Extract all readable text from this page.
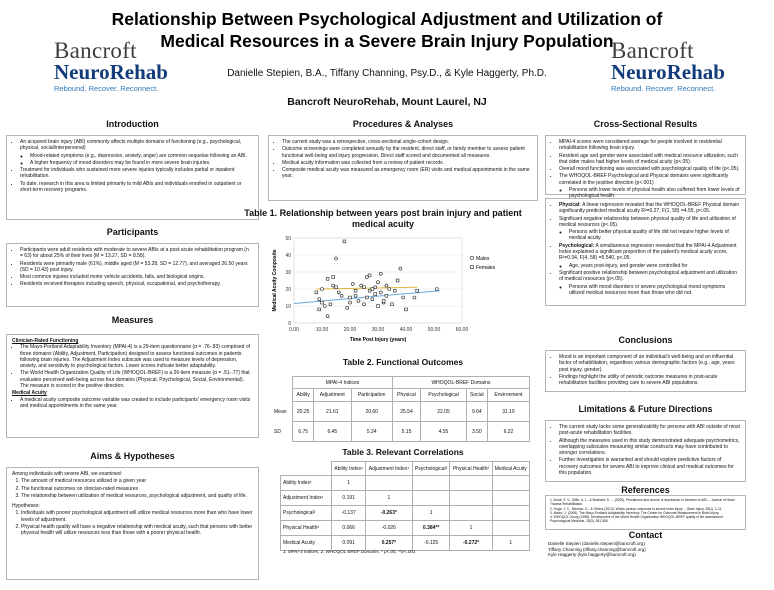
Relationship Between Psychological Adjustment and Utilization of Medical Resources in a Severe Brain Injury Population
Bancroft
NeuroRehab
Rebound. Recover. Reconnect.
Bancroft
NeuroRehab
Rebound. Recover. Reconnect.
Danielle Stepien, B.A., Tiffany Channing, Psy.D., & Kyle Haggerty, Ph.D.
Bancroft NeuroRehab, Mount Laurel, NJ
Introduction
• An acquired brain injury (ABI) commonly affects multiple domains of functioning (e.g., psychological, physical, social/interpersonal)
◦ Mood-related symptoms (e.g., depression, anxiety, anger) are common sequelae following an ABI.
◦ A higher frequency of mood disorders may be found in more severe brain injuries.
• Treatment for individuals who sustained more severe injuries typically includes partial or inpatient rehabilitation.
• To date, research in this area is limited primarily to mild ABIs and individuals enrolled in outpatient or short-term recovery programs.
Participants
• Participants were adult residents with moderate to severe ABIs at a post-acute rehabilitation program (n = 63) for about 25% of their lives (M = 13.27, SD = 8.58).
• Residents were primarily male (61%), middle aged (M = 53.28, SD = 12.77), and averaged 26.50 years (SD = 10.43) post injury.
• Most common injuries included motor vehicle accidents, falls, and biological origins.
• Residents received therapies including speech, physical, occupational, and psychotherapy.
Measures
Clinician-Rated Functioning
• The Mayo-Portland Adaptability Inventory (MPAI-4) is a 29-item questionnaire (α = .76-.83) comprised of three domains (Ability, Adjustment, Participation) designed to assess functional outcomes in patients following brain injuries. The Adjustment Index subscale was used to measure levels of depression, anxiety, and sensitivity to psychological factors. Lower scores indicate better adaptability.
• The World Health Organization Quality of Life (WHOQOL-BREF) is a 26-item measure (α = .51-.77) that evaluates perceived well-being across four domains (Physical, Psychological, Social, Environmental). The measure is scored in the positive direction.
Medical Acuity
• A medical acuity composite outcome variable was created to include participants' emergency room visits and medical appointments in the same year.
Aims & Hypotheses

Among individuals with severe ABI, we examined:

1. The amount of medical resources utilized in a given year
2. The functional outcomes on clinician-rated measures
3. The relationship between utilization of medical resources, psychological adjustment, and quality of life.

Hypotheses:

1. Individuals with poorer psychological adjustment will utilize medical resources more than who have lower levels of adjustment.
2. Physical health quality will have a negative relationship with medical acuity, such that persons with better physical health will utilize resources less than those with a poorer physical health.
Procedures & Analyses
• The current study was a retrospective, cross-sectional single-cohort design.
• Outcome screenings were completed annually by the resident, direct staff, or family member to assess patient functional well-being and injury progression. Direct staff scored and documented all measures.
• Medical acuity information was collected from a review of patient records.
• Composite medical acuity was measured as emergency room (ER) visits and medical appointments in the same year.
Table 1. Relationship between years post brain injury and patient medical acuity
0
10
20
30
40
50
0.00	10.00	20.00	30.00	40.00	50.00	60.00
Time Post Injury (years)
Medical Acuity Composite	Males
Females
Table 2. Functional Outcomes
	MPAI-4 Indices			WHOQOL-BREF Domains			
	Ability	Adjustment	Participation	Physical	Psychological	Social	Environment
Mean	20.25	21.61	20.60	25.54	22.05	9.64	31.19
SD	6.75	6.45	5.24	5.15	4.55	3.50	6.22
Table 3. Relevant Correlations
	Ability Index¹	Adjustment Index¹	Psychological²	Physical Health²	Medical Acuity
Ability Index¹	1				
Adjustment Index¹	0.191	1			
Psychological²	-0.137	-0.263*	1		
Physical Health²	0.066	-0.026	0.384**	1	
Medical Acuity	0.091	0.257*	-0.125	-0.272*	1
1. MPAI-4 Indices, 2. WHOQOL-BREF Domains, * p<.05, **p<.001
Cross-Sectional Results
• MPAI-4 scores were considered average for people involved in residential rehabilitation following brain injury.
• Resident age and gender were associated with medical resource utilization, such that older males had higher levels of medical acuity (p<.05).
• Overall mood functioning was associated with psychological quality of life (p<.05).
• The WHOQOL-BREF Psychological and Physical domains were significantly correlated in the positive direction (p<.001)
◦ Persons with lower levels of physical health also suffered from lower levels of psychological health.
• Physical: A linear regression revealed that the WHOQOL-BREF Physical domain significantly predicted medical acuity R²=0.27, F(1, 58) =4.55, p<.05.
• Significant negative relationship between physical quality of life and utilization of medical resources (p<.05).
◦ Persons with better physical quality of life did not require higher levels of medical acuity.
• Psychological: A simultaneous regression revealed that the MPAI-4 Adjustment Index explained a significant proportion of the patient's medical acuity score, R²=0.34, F(4, 58) =5.540, p<.05.
◦ Age, years post-injury, and gender were controlled for
• Significant positive relationship between psychological adjustment and utilization of medical resources (p<.05).
◦ Persons with mood disorders or severe psychological mood symptoms utilized medical resources more than those who did not.
Conclusions
• Mood is an important component of an individual's well-being and an influential factor of rehabilitation, regardless various demographic factors (e.g., age, years post injury, gender).
• Findings highlight the utility of periodic outcome measures in post-acute rehabilitation facilities providing care to severe ABI populations.
Limitations & Future Directions
• The current study lacks some generalizability for persons with ABI outside of most post-acute rehabilitation facilities.
• Although the measures used in this study demonstrated adequate psychometrics, overlapping subscales measuring similar constructs may have contributed to stronger correlations.
• Further investigation is warranted and should explore predictive factors of recovery outcomes for severe ABI to improve clinical and medical outcomes for this population.
References
1. Arndt, S. V., Gillin, A. L., & Boshard, D. ... (2009). Prevalence and course of depression in fourteen to ABI ... Journal of Head Trauma Rehabilitation.
2. Hoge, J. C., Bannon, D., & Others (2013). Whole-person outcomes in severe brain injury ... Brain Injury, 28(1), 1-11.
3. Malec, J. (2005). The Mayo-Portland Adaptability Inventory. The Center for Outcome Measurement in Brain Injury.
4. WHOQOL Group (1998). Development of the World Health Organization WHOQOL-BREF quality of life assessment. Psychological Medicine, 28(3), 551-558.
Contact
Danielle Stepien (danielle.stepien@bancroft.org)
Tiffany Channing (tiffany.channing@bancroft.org)
Kyle Haggerty (kyle.haggerty@bancroft.org)
